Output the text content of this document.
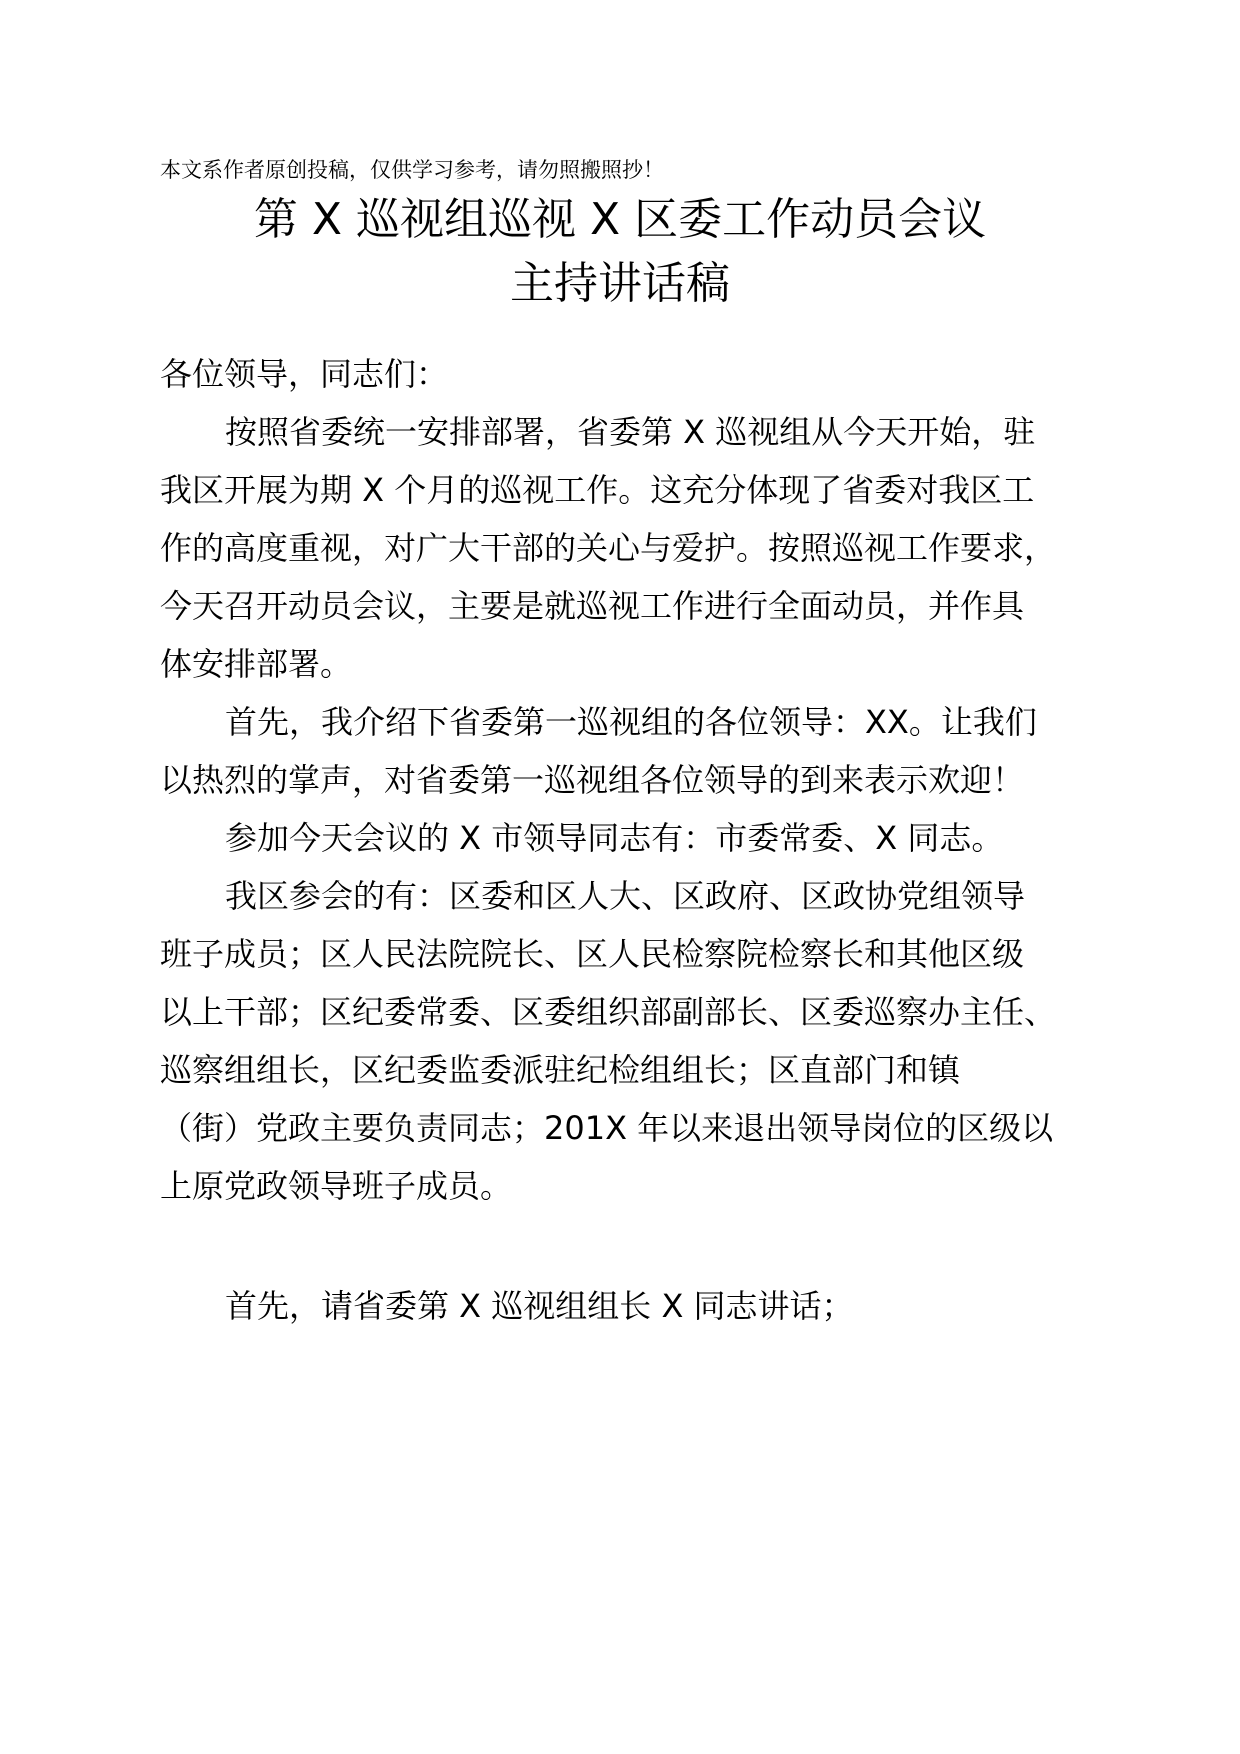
本文系作者原创投稿，仅供学习参考，请勿照搬照抄！
第 X 巡视组巡视 X 区委工作动员会议
主持讲话稿
各位领导，同志们：
按照省委统一安排部署，省委第 X 巡视组从今天开始，驻
我区开展为期 X 个月的巡视工作。这充分体现了省委对我区工
作的高度重视，对广大干部的关心与爱护。按照巡视工作要求，
今天召开动员会议，主要是就巡视工作进行全面动员，并作具
体安排部署。
首先，我介绍下省委第一巡视组的各位领导：XX。让我们
以热烈的掌声，对省委第一巡视组各位领导的到来表示欢迎！
参加今天会议的 X 市领导同志有：市委常委、X 同志。
我区参会的有：区委和区人大、区政府、区政协党组领导
班子成员；区人民法院院长、区人民检察院检察长和其他区级
以上干部；区纪委常委、区委组织部副部长、区委巡察办主任、
巡察组组长，区纪委监委派驻纪检组组长；区直部门和镇
（街）党政主要负责同志；201X 年以来退出领导岗位的区级以
上原党政领导班子成员。
首先，请省委第 X 巡视组组长 X 同志讲话；
